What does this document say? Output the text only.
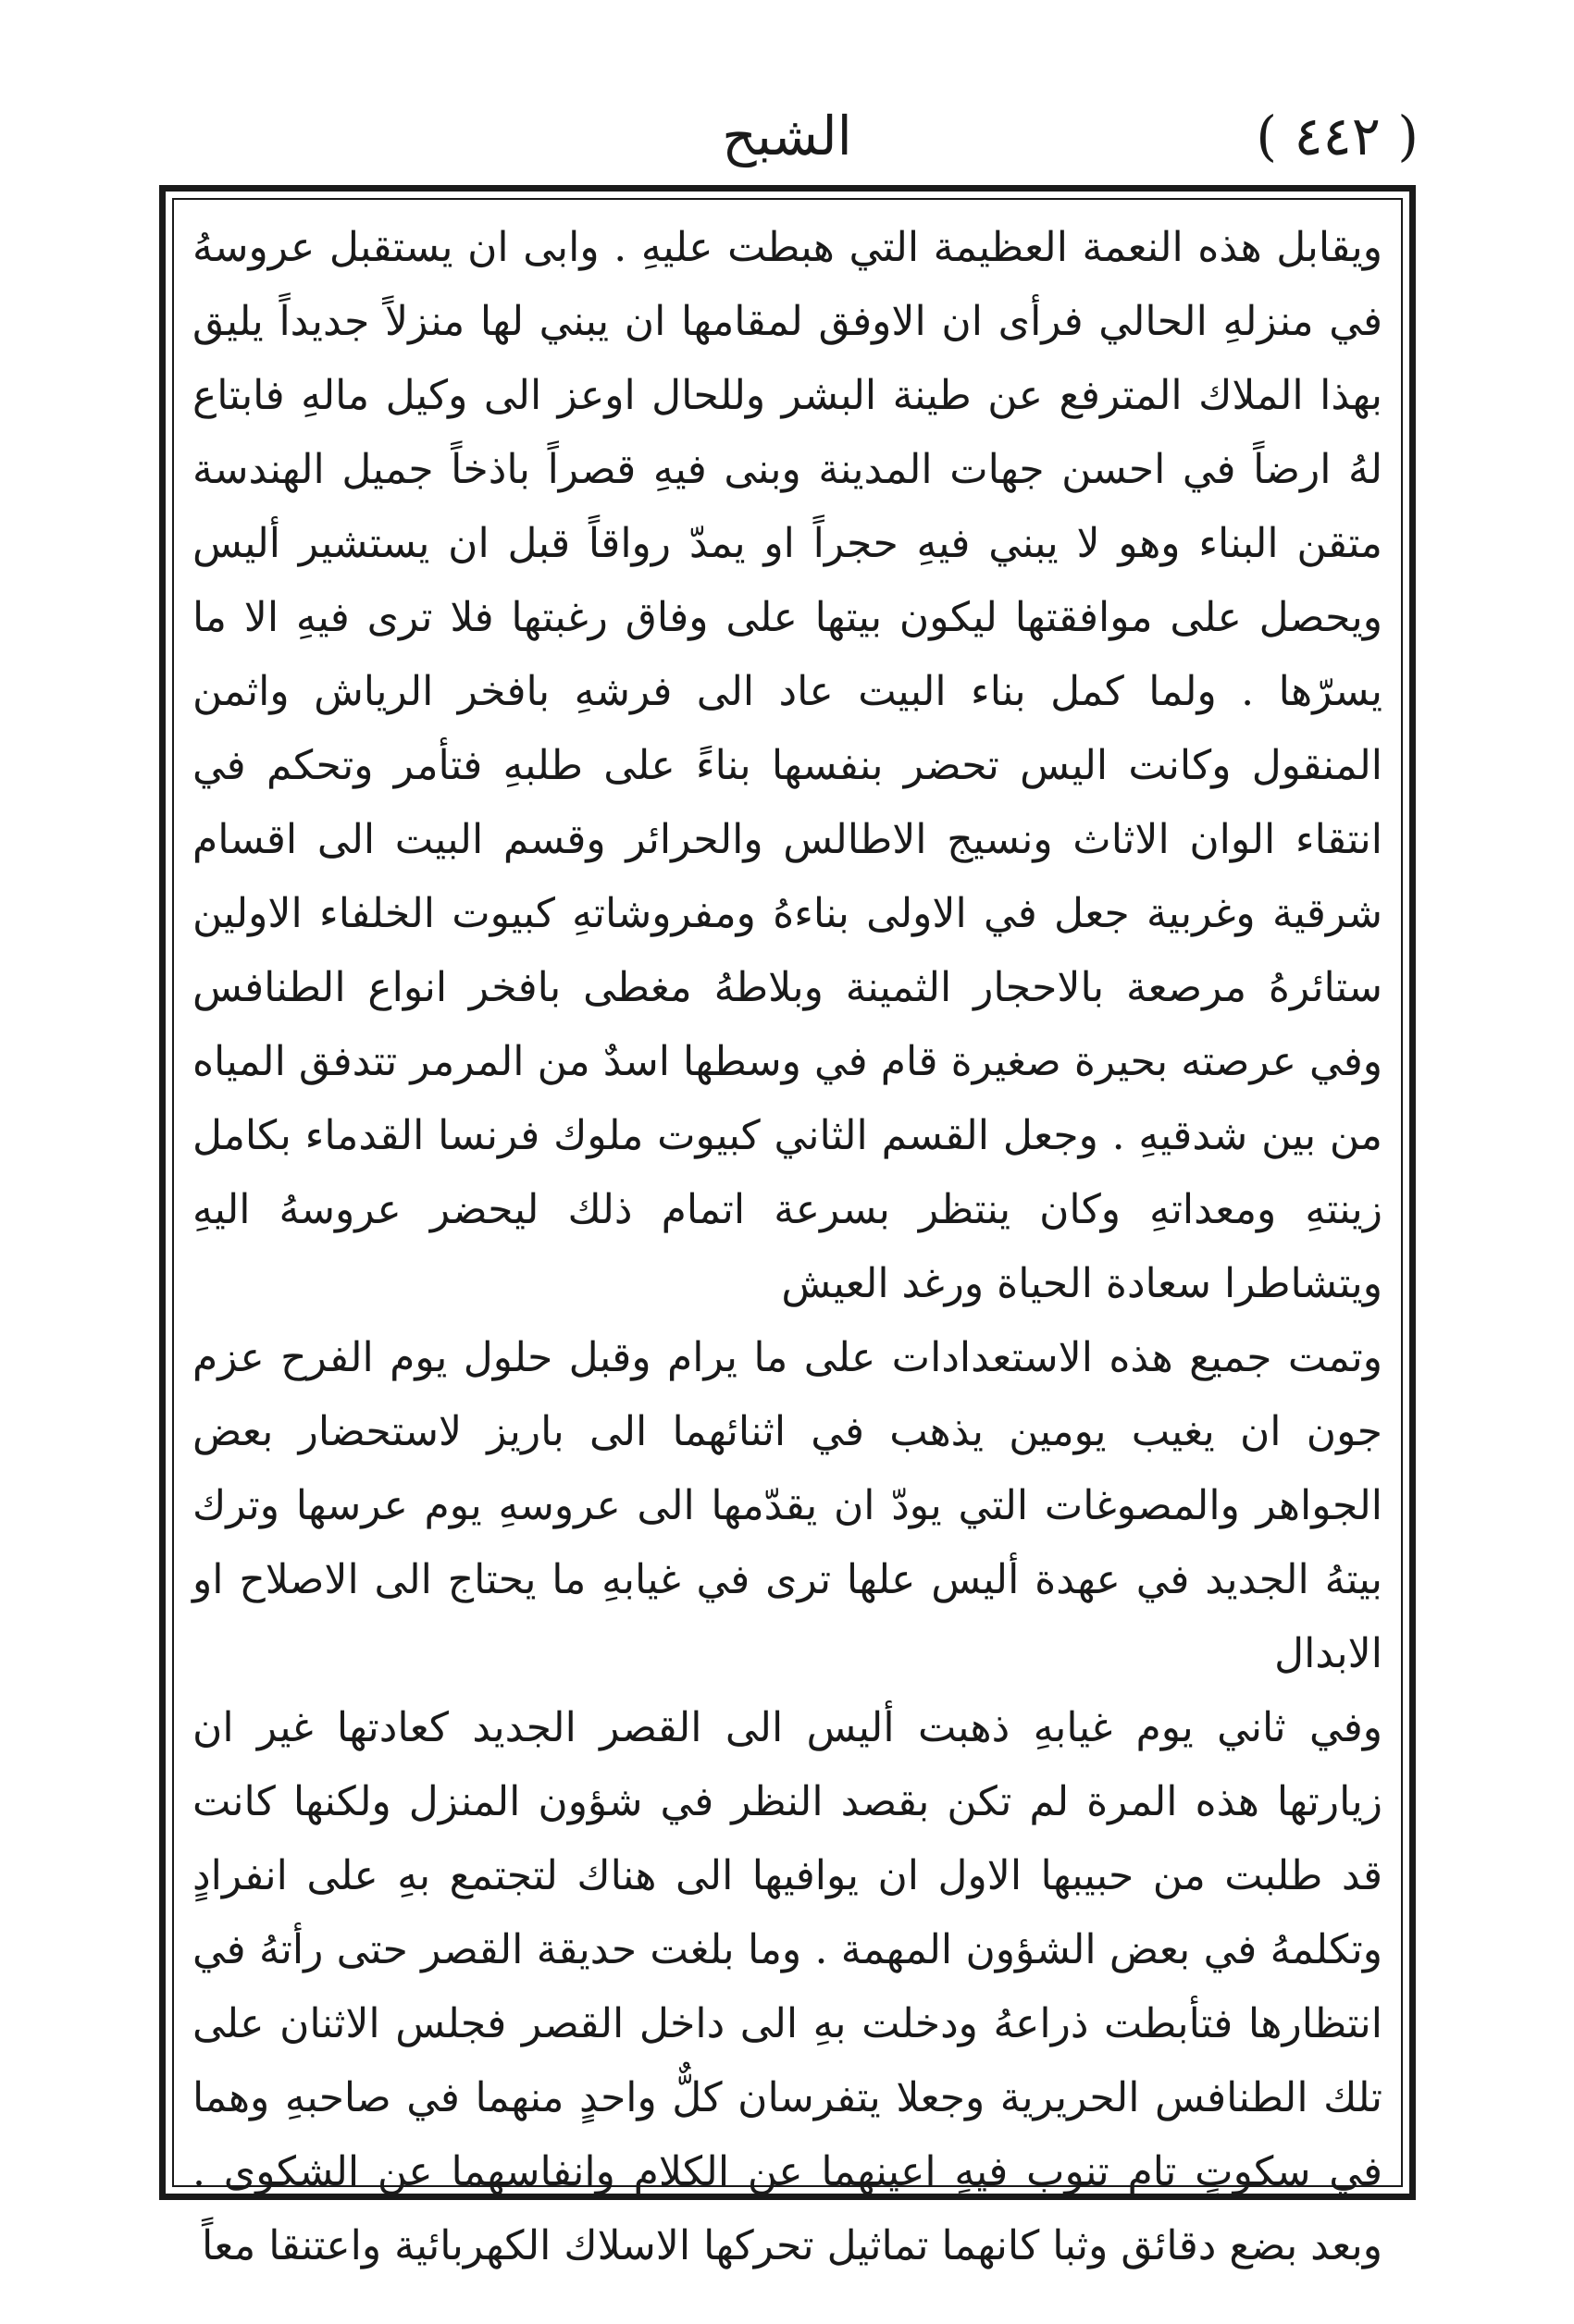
( ٤٤٢ )
الشبح

ويقابل هذه النعمة العظيمة التي هبطت عليهِ . وابى ان يستقبل عروسهُ في منزلهِ الحالي فرأى ان الاوفق لمقامها ان يبني لها منزلاً جديداً يليق بهذا الملاك المترفع عن طينة البشر وللحال اوعز الى وكيل مالهِ فابتاع لهُ ارضاً في احسن جهات المدينة وبنى فيهِ قصراً باذخاً جميل الهندسة متقن البناء وهو لا يبني فيهِ حجراً او يمدّ رواقاً قبل ان يستشير أليس ويحصل على موافقتها ليكون بيتها على وفاق رغبتها فلا ترى فيهِ الا ما يسرّها . ولما كمل بناء البيت عاد الى فرشهِ بافخر الرياش واثمن المنقول وكانت اليس تحضر بنفسها بناءً على طلبهِ فتأمر وتحكم في انتقاء الوان الاثاث ونسيج الاطالس والحرائر وقسم البيت الى اقسام شرقية وغربية جعل في الاولى بناءهُ ومفروشاتهِ كبيوت الخلفاء الاولين ستائرهُ مرصعة بالاحجار الثمينة وبلاطهُ مغطى بافخر انواع الطنافس وفي عرصته بحيرة صغيرة قام في وسطها اسدٌ من المرمر تتدفق المياه من بين شدقيهِ . وجعل القسم الثاني كبيوت ملوك فرنسا القدماء بكامل زينتهِ ومعداتهِ وكان ينتظر بسرعة اتمام ذلك ليحضر عروسهُ اليهِ ويتشاطرا سعادة الحياة ورغد العيش

وتمت جميع هذه الاستعدادات على ما يرام وقبل حلول يوم الفرح عزم جون ان يغيب يومين يذهب في اثنائهما الى باريز لاستحضار بعض الجواهر والمصوغات التي يودّ ان يقدّمها الى عروسهِ يوم عرسها وترك بيتهُ الجديد في عهدة أليس علها ترى في غيابهِ ما يحتاج الى الاصلاح او الابدال

وفي ثاني يوم غيابهِ ذهبت أليس الى القصر الجديد كعادتها غير ان زيارتها هذه المرة لم تكن بقصد النظر في شؤون المنزل ولكنها كانت قد طلبت من حبيبها الاول ان يوافيها الى هناك لتجتمع بهِ على انفرادٍ وتكلمهُ في بعض الشؤون المهمة . وما بلغت حديقة القصر حتى رأتهُ في انتظارها فتأبطت ذراعهُ ودخلت بهِ الى داخل القصر فجلس الاثنان على تلك الطنافس الحريرية وجعلا يتفرسان كلٌّ واحدٍ منهما في صاحبهِ وهما في سكوتٍ تام تنوب فيهِ اعينهما عن الكلام وانفاسهما عن الشكوى . وبعد بضع دقائق وثبا كانهما تماثيل تحركها الاسلاك الكهربائية واعتنقا معاً
